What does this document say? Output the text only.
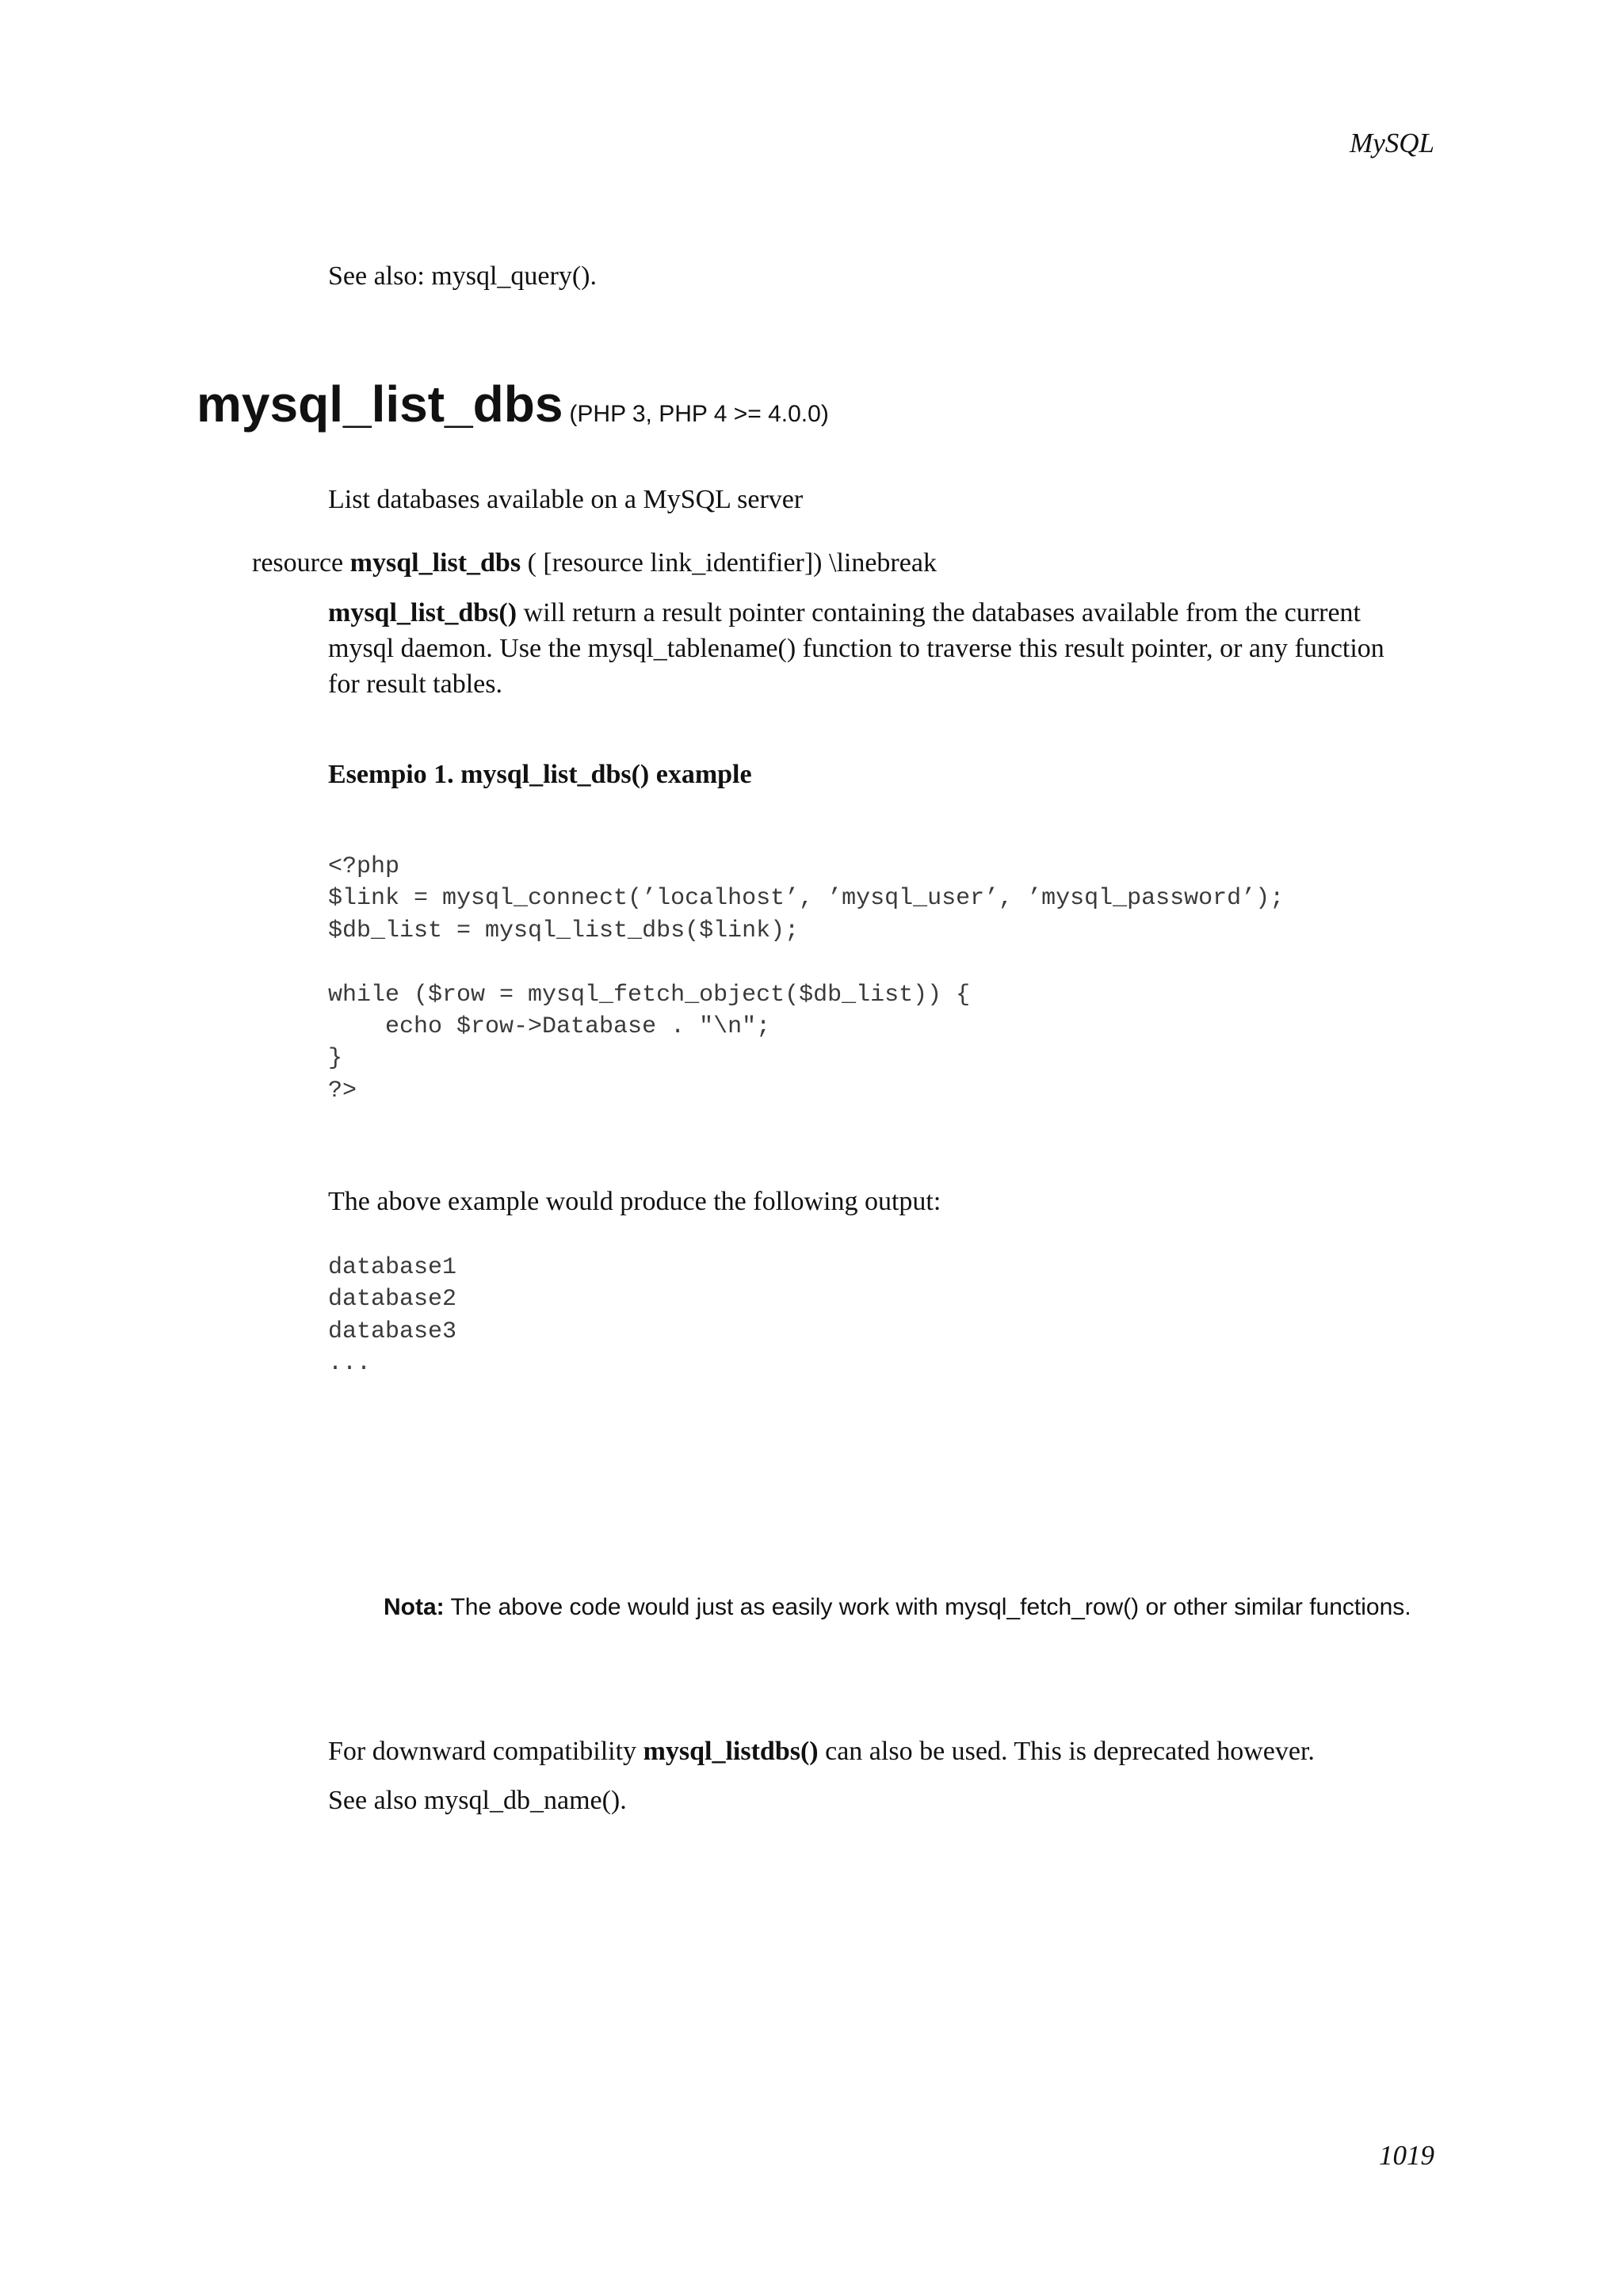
MySQL
See also: mysql_query().
mysql_list_dbs (PHP 3, PHP 4 >= 4.0.0)
List databases available on a MySQL server
resource mysql_list_dbs ( [resource link_identifier]) \linebreak
mysql_list_dbs() will return a result pointer containing the databases available from the current mysql daemon. Use the mysql_tablename() function to traverse this result pointer, or any function for result tables.
Esempio 1. mysql_list_dbs() example
<?php
$link = mysql_connect(’localhost’, ’mysql_user’, ’mysql_password’);
$db_list = mysql_list_dbs($link);

while ($row = mysql_fetch_object($db_list)) {
echo $row->Database . "\n";
}
?>
The above example would produce the following output:
database1
database2
database3
...
Nota: The above code would just as easily work with mysql_fetch_row() or other similar functions.
For downward compatibility mysql_listdbs() can also be used. This is deprecated however.
See also mysql_db_name().
1019
